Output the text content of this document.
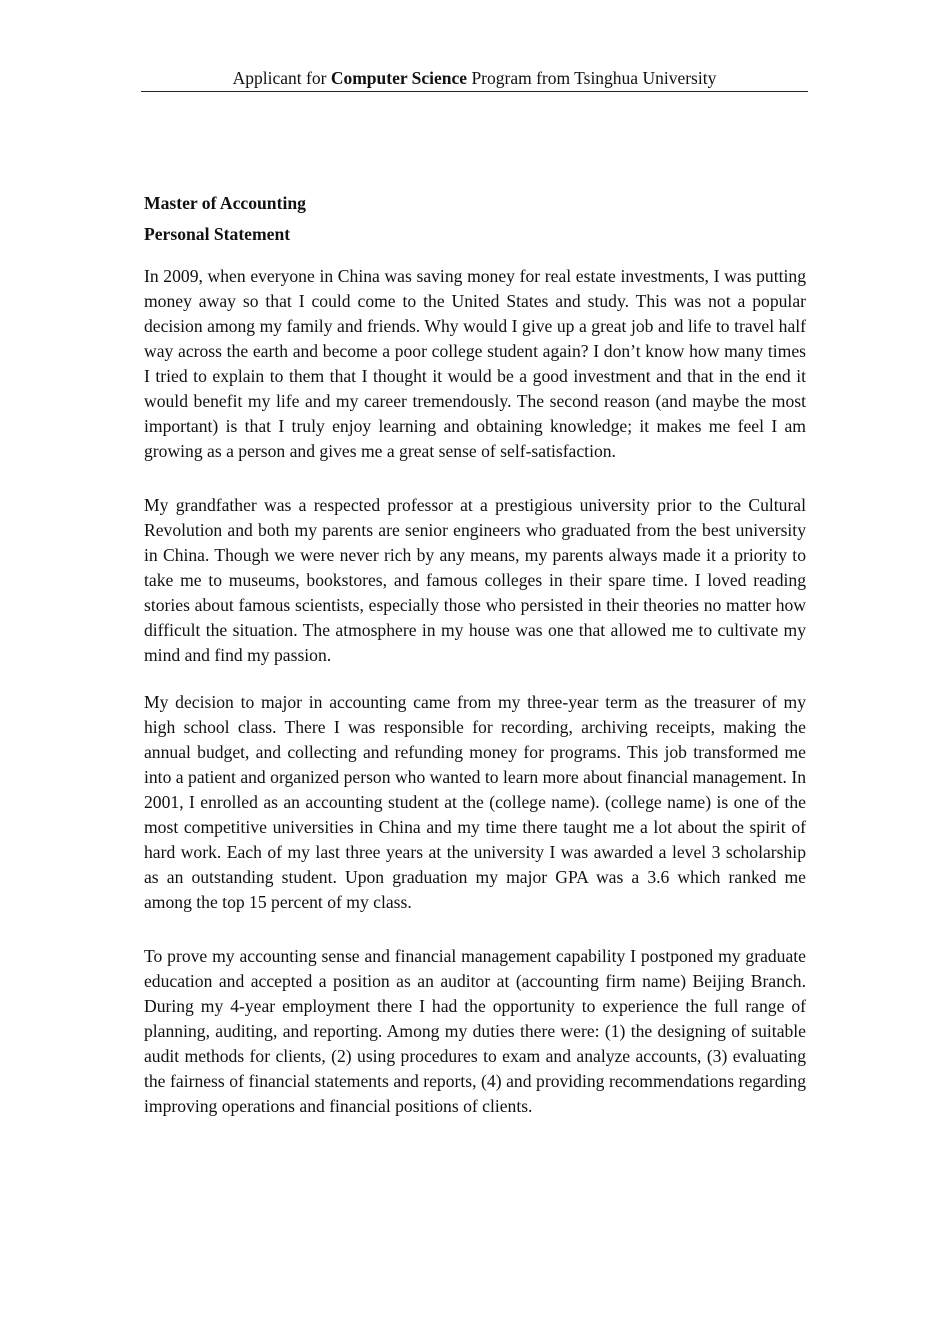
Applicant for Computer Science Program from Tsinghua University
Master of Accounting
Personal Statement

In 2009, when everyone in China was saving money for real estate investments, I was putting money away so that I could come to the United States and study. This was not a popular decision among my family and friends. Why would I give up a great job and life to travel half way across the earth and become a poor college student again? I don’t know how many times I tried to explain to them that I thought it would be a good investment and that in the end it would benefit my life and my career tremendously. The second reason (and maybe the most important) is that I truly enjoy learning and obtaining knowledge; it makes me feel I am growing as a person and gives me a great sense of self-satisfaction.

My grandfather was a respected professor at a prestigious university prior to the Cultural Revolution and both my parents are senior engineers who graduated from the best university in China. Though we were never rich by any means, my parents always made it a priority to take me to museums, bookstores, and famous colleges in their spare time. I loved reading stories about famous scientists, especially those who persisted in their theories no matter how difficult the situation. The atmosphere in my house was one that allowed me to cultivate my mind and find my passion.

My decision to major in accounting came from my three-year term as the treasurer of my high school class. There I was responsible for recording, archiving receipts, making the annual budget, and collecting and refunding money for programs. This job transformed me into a patient and organized person who wanted to learn more about financial management. In 2001, I enrolled as an accounting student at the (college name). (college name) is one of the most competitive universities in China and my time there taught me a lot about the spirit of hard work. Each of my last three years at the university I was awarded a level 3 scholarship as an outstanding student. Upon graduation my major GPA was a 3.6 which ranked me among the top 15 percent of my class.

To prove my accounting sense and financial management capability I postponed my graduate education and accepted a position as an auditor at (accounting firm name) Beijing Branch. During my 4-year employment there I had the opportunity to experience the full range of planning, auditing, and reporting. Among my duties there were: (1) the designing of suitable audit methods for clients, (2) using procedures to exam and analyze accounts, (3) evaluating the fairness of financial statements and reports, (4) and providing recommendations regarding improving operations and financial positions of clients.
